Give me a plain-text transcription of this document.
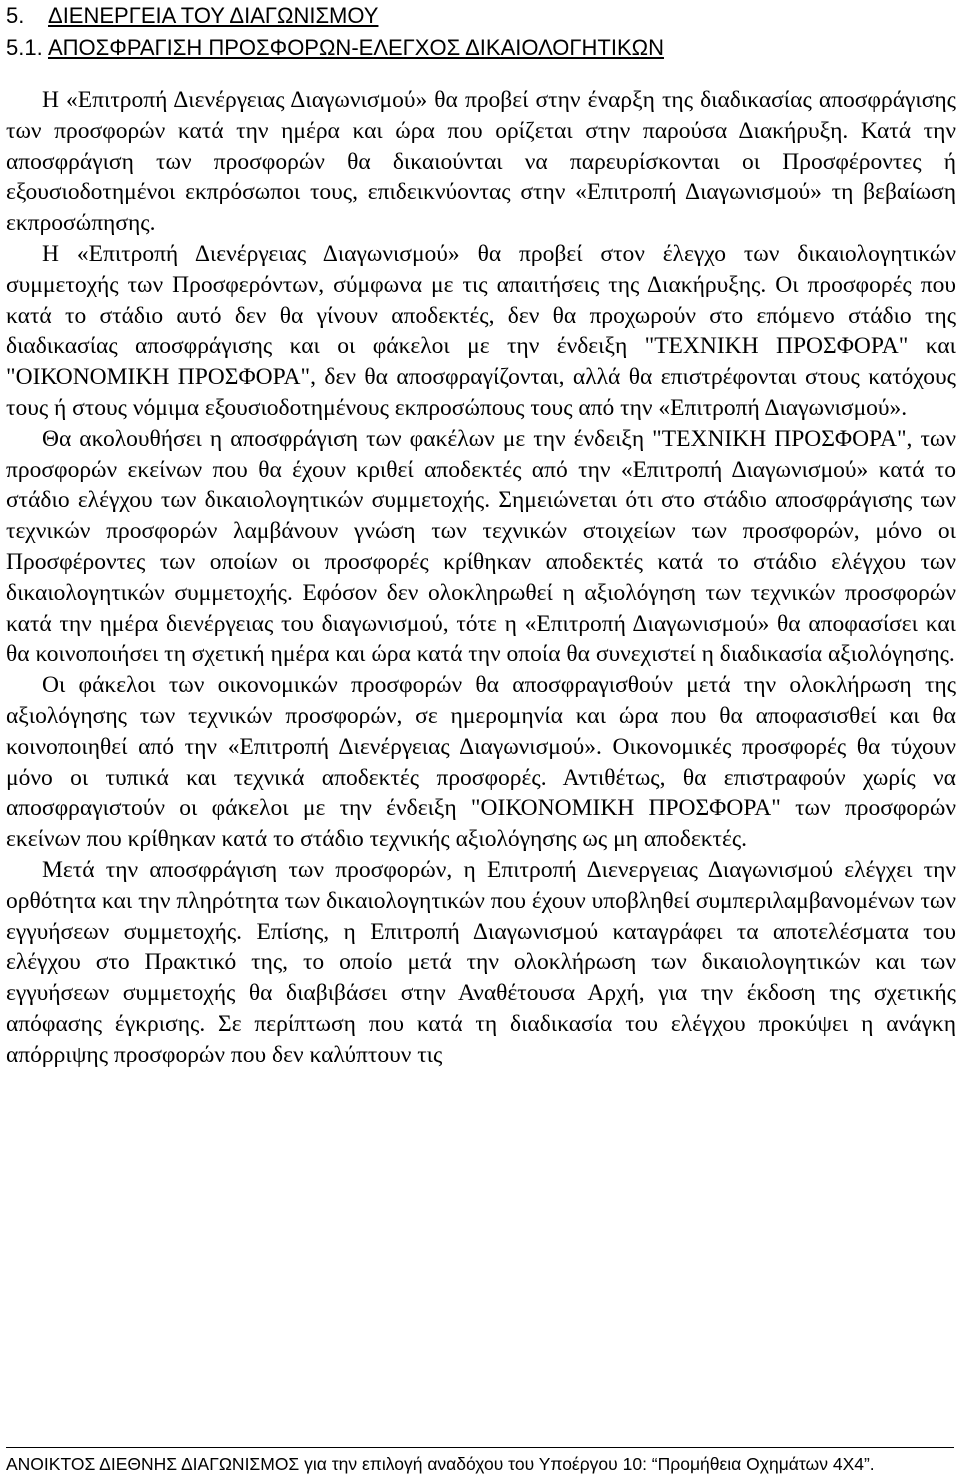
5. ΔΙΕΝΕΡΓΕΙΑ ΤΟΥ ΔΙΑΓΩΝΙΣΜΟΥ
5.1. ΑΠΟΣΦΡΑΓΙΣΗ ΠΡΟΣΦΟΡΩΝ-ΕΛΕΓΧΟΣ ΔΙΚΑΙΟΛΟΓΗΤΙΚΩΝ

Η «Επιτροπή Διενέργειας Διαγωνισμού» θα προβεί στην έναρξη της διαδικασίας αποσφράγισης των προσφορών κατά την ημέρα και ώρα που ορίζεται στην παρούσα Διακήρυξη. Κατά την αποσφράγιση των προσφορών θα δικαιούνται να παρευρίσκονται οι Προσφέροντες ή εξουσιοδοτημένοι εκπρόσωποι τους, επιδεικνύοντας στην «Επιτροπή Διαγωνισμού» τη βεβαίωση εκπροσώπησης.

Η «Επιτροπή Διενέργειας Διαγωνισμού» θα προβεί στον έλεγχο των δικαιολογητικών συμμετοχής των Προσφερόντων, σύμφωνα με τις απαιτήσεις της Διακήρυξης. Οι προσφορές που κατά το στάδιο αυτό δεν θα γίνουν αποδεκτές, δεν θα προχωρούν στο επόμενο στάδιο της διαδικασίας αποσφράγισης και οι φάκελοι με την ένδειξη "ΤΕΧΝΙΚΗ ΠΡΟΣΦΟΡΑ" και "ΟΙΚΟΝΟΜΙΚΗ ΠΡΟΣΦΟΡΑ", δεν θα αποσφραγίζονται, αλλά θα επιστρέφονται στους κατόχους τους ή στους νόμιμα εξουσιοδοτημένους εκπροσώπους τους από την «Επιτροπή Διαγωνισμού».

Θα ακολουθήσει η αποσφράγιση των φακέλων με την ένδειξη "ΤΕΧΝΙΚΗ ΠΡΟΣΦΟΡΑ", των προσφορών εκείνων που θα έχουν κριθεί αποδεκτές από την «Επιτροπή Διαγωνισμού» κατά το στάδιο ελέγχου των δικαιολογητικών συμμετοχής. Σημειώνεται ότι στο στάδιο αποσφράγισης των τεχνικών προσφορών λαμβάνουν γνώση των τεχνικών στοιχείων των προσφορών, μόνο οι Προσφέροντες των οποίων οι προσφορές κρίθηκαν αποδεκτές κατά το στάδιο ελέγχου των δικαιολογητικών συμμετοχής. Εφόσον δεν ολοκληρωθεί η αξιολόγηση των τεχνικών προσφορών κατά την ημέρα διενέργειας του διαγωνισμού, τότε η «Επιτροπή Διαγωνισμού» θα αποφασίσει και θα κοινοποιήσει τη σχετική ημέρα και ώρα κατά την οποία θα συνεχιστεί η διαδικασία αξιολόγησης.

Οι φάκελοι των οικονομικών προσφορών θα αποσφραγισθούν μετά την ολοκλήρωση της αξιολόγησης των τεχνικών προσφορών, σε ημερομηνία και ώρα που θα αποφασισθεί και θα κοινοποιηθεί από την «Επιτροπή Διενέργειας Διαγωνισμού». Οικονομικές προσφορές θα τύχουν μόνο οι τυπικά και τεχνικά αποδεκτές προσφορές. Αντιθέτως, θα επιστραφούν χωρίς να αποσφραγιστούν οι φάκελοι με την ένδειξη "ΟΙΚΟΝΟΜΙΚΗ ΠΡΟΣΦΟΡΑ" των προσφορών εκείνων που κρίθηκαν κατά το στάδιο τεχνικής αξιολόγησης ως μη αποδεκτές.

Μετά την αποσφράγιση των προσφορών, η Επιτροπή Διενεργειας Διαγωνισμού ελέγχει την ορθότητα και την πληρότητα των δικαιολογητικών που έχουν υποβληθεί συμπεριλαμβανομένων των εγγυήσεων συμμετοχής. Επίσης, η Επιτροπή Διαγωνισμού καταγράφει τα αποτελέσματα του ελέγχου στο Πρακτικό της, το οποίο μετά την ολοκλήρωση των δικαιολογητικών και των εγγυήσεων συμμετοχής θα διαβιβάσει στην Αναθέτουσα Αρχή, για την έκδοση της σχετικής απόφασης έγκρισης. Σε περίπτωση που κατά τη διαδικασία του ελέγχου προκύψει η ανάγκη απόρριψης προσφορών που δεν καλύπτουν τις

ΑΝΟΙΚΤΟΣ ΔΙΕΘΝΗΣ ΔΙΑΓΩΝΙΣΜΟΣ για την επιλογή αναδόχου του Υποέργου 10: “Προμήθεια Οχημάτων 4Χ4”.
